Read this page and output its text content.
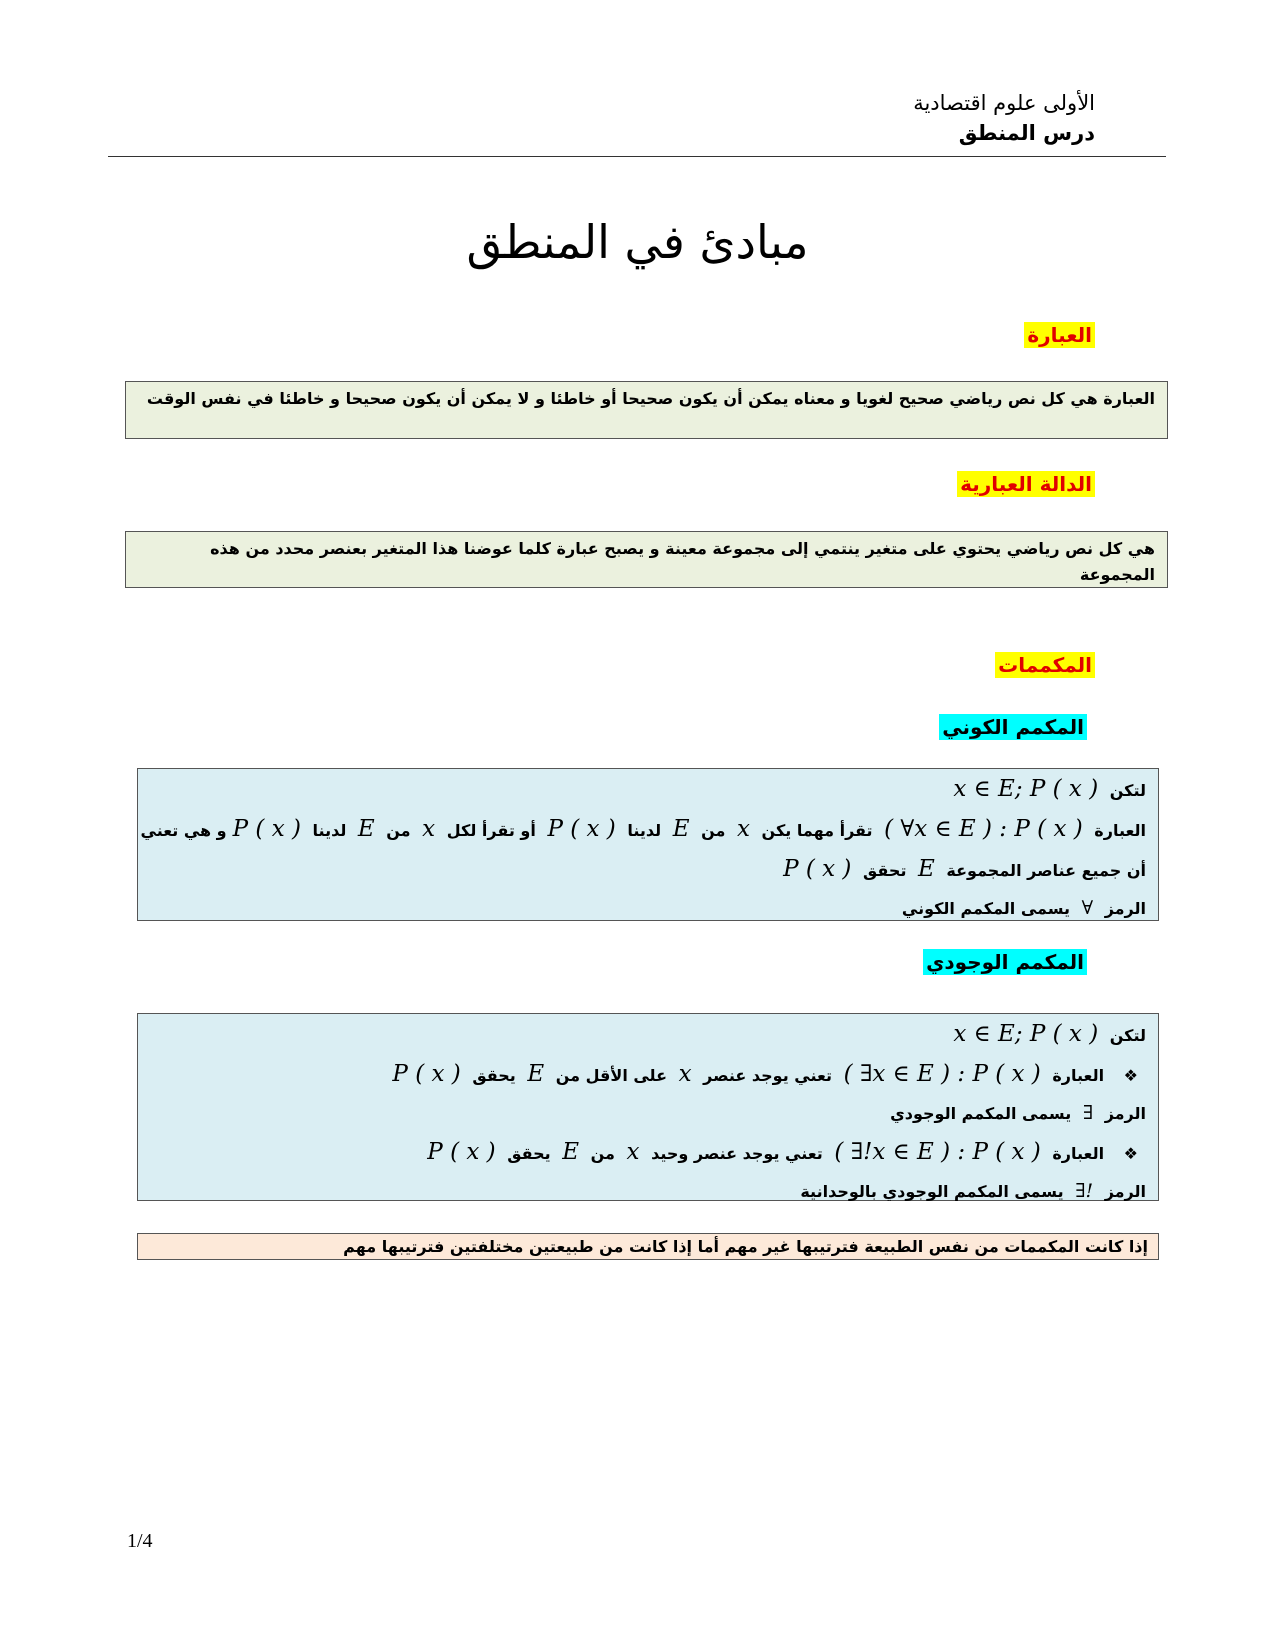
الأولى علوم اقتصادية
درس المنطق
مبادئ في المنطق
العبارة
العبارة هي كل نص رياضي صحيح لغويا و معناه يمكن أن يكون صحيحا أو خاطئا و لا يمكن أن يكون صحيحا و خاطئا في نفس الوقت
الدالة العبارية
هي كل نص رياضي يحتوي على متغير ينتمي إلى مجموعة معينة و يصبح عبارة كلما عوضنا هذا المتغير بعنصر محدد من هذه المجموعة
المكممات
المكمم الكوني
لتكن x ∈ E; P ( x )
العبارة ( ∀x ∈ E ) : P ( x ) تقرأ مهما يكن x من E لدينا P ( x ) أو تقرأ لكل x من E لدينا P ( x )و هي تعني
أن جميع عناصر المجموعة E تحقق P ( x )
الرمز ∀ يسمى المكمم الكوني
المكمم الوجودي
لتكن x ∈ E; P ( x )
❖ العبارة ( ∃x ∈ E ) : P ( x ) تعني يوجد عنصر x على الأقل من E يحقق P ( x )
الرمز ∃ يسمى المكمم الوجودي
❖ العبارة ( ∃!x ∈ E ) : P ( x ) تعني يوجد عنصر وحيد x من E يحقق P ( x )
الرمز ∃! يسمى المكمم الوجودي بالوحدانية
إذا كانت المكممات من نفس الطبيعة فترتيبها غير مهم أما إذا كانت من طبيعتين مختلفتين فترتيبها مهم
1/4
